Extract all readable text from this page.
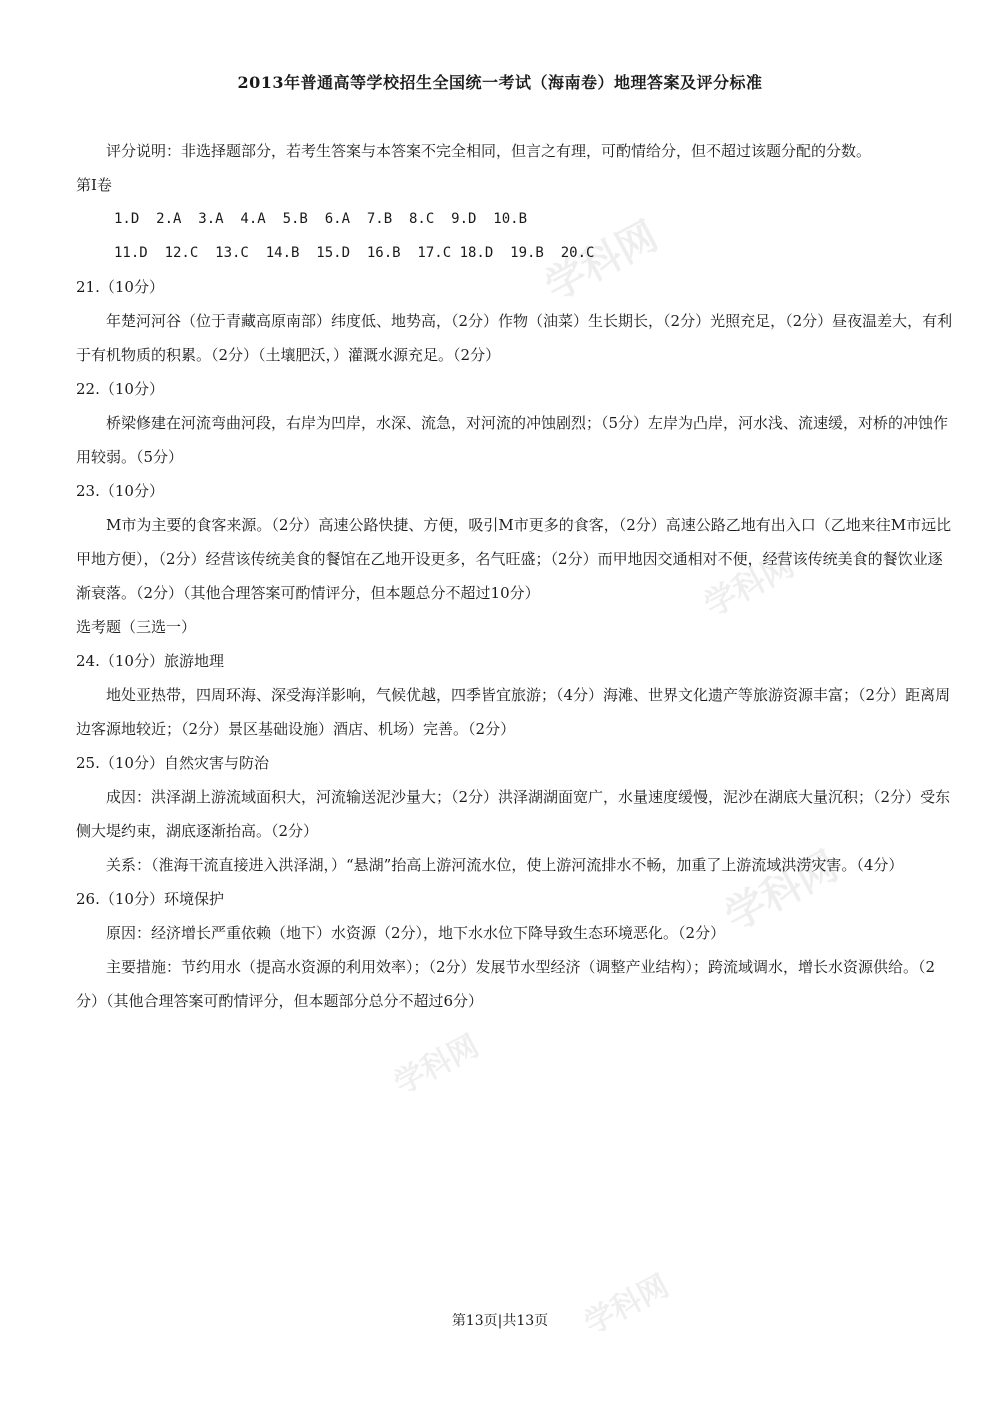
学科网
学科网
学科网
学科网
学科网
2013年普通高等学校招生全国统一考试（海南卷）地理答案及评分标准

评分说明：非选择题部分，若考生答案与本答案不完全相同，但言之有理，可酌情给分，但不超过该题分配的分数。

第Ⅰ卷

1.D  2.A  3.A  4.A  5.B  6.A  7.B  8.C  9.D  10.B

11.D  12.C  13.C  14.B  15.D  16.B  17.C 18.D  19.B  20.C

21.（10分）

年楚河河谷（位于青藏高原南部）纬度低、地势高，（2分）作物（油菜）生长期长，（2分）光照充足，（2分）昼夜温差大，有利于有机物质的积累。（2分）（土壤肥沃，）灌溉水源充足。（2分）

22.（10分）

桥梁修建在河流弯曲河段，右岸为凹岸，水深、流急，对河流的冲蚀剧烈；（5分）左岸为凸岸，河水浅、流速缓，对桥的冲蚀作用较弱。（5分）

23.（10分）

M市为主要的食客来源。（2分）高速公路快捷、方便，吸引M市更多的食客，（2分）高速公路乙地有出入口（乙地来往M市远比甲地方便），（2分）经营该传统美食的餐馆在乙地开设更多，名气旺盛；（2分）而甲地因交通相对不便，经营该传统美食的餐饮业逐渐衰落。（2分）（其他合理答案可酌情评分，但本题总分不超过10分）

选考题（三选一）

24.（10分）旅游地理

地处亚热带，四周环海、深受海洋影响，气候优越，四季皆宜旅游；（4分）海滩、世界文化遗产等旅游资源丰富；（2分）距离周边客源地较近；（2分）景区基础设施）酒店、机场）完善。（2分）

25.（10分）自然灾害与防治

成因：洪泽湖上游流域面积大，河流输送泥沙量大；（2分）洪泽湖湖面宽广，水量速度缓慢，泥沙在湖底大量沉积；（2分）受东侧大堤约束，湖底逐渐抬高。（2分）

关系：（淮海干流直接进入洪泽湖，）“悬湖”抬高上游河流水位，使上游河流排水不畅，加重了上游流域洪涝灾害。（4分）

26.（10分）环境保护

原因：经济增长严重依赖（地下）水资源（2分），地下水水位下降导致生态环境恶化。（2分）

主要措施：节约用水（提高水资源的利用效率）；（2分）发展节水型经济（调整产业结构）；跨流域调水，增长水资源供给。（2分）（其他合理答案可酌情评分，但本题部分总分不超过6分）

第13页|共13页
